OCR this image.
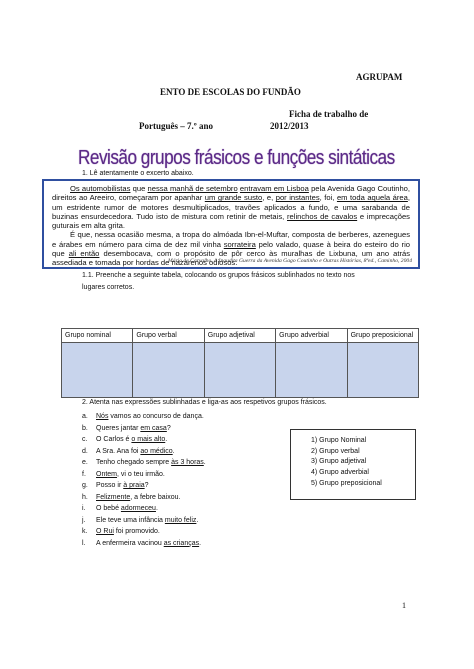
AGRUPAM
ENTO DE ESCOLAS DO FUNDÃO
Ficha de trabalho de
Português – 7.º ano	2012/2013
Revisão grupos frásicos e funções sintáticas
1. Lê atentamente o excerto abaixo.

Os automobilistas que nessa manhã de setembro entravam em Lisboa pela Avenida Gago Coutinho, direitos ao Areeiro, começaram por apanhar um grande susto, e, por instantes, foi, em toda aquela área, um estridente rumor de motores desmultiplicados, travões aplicados a fundo, e uma sarabanda de buzinas ensurdecedora. Tudo isto de mistura com retinir de metais, relinchos de cavalos e imprecações guturais em alta grita.

É que, nessa ocasião mesma, a tropa do almóada Ibn-el-Muftar, composta de berberes, azenegues e árabes em número para cima de dez mil vinha sorrateira pelo valado, quase à beira do esteiro do rio que ali então desembocava, com o propósito de pôr cerco às muralhas de Lixbuna, um ano atrás assediada e tomada por hordas de nazarenos odiosos.

Mário de Carvalho, A Inaudita Guerra da Avenida Gago Coutinho e Outras Histórias, 8ªed., Caminho, 2004
1.1. Preenche a seguinte tabela, colocando os grupos frásicos sublinhados no texto nos
lugares corretos.
Grupo nominal	Grupo verbal	Grupo adjetival	Grupo adverbial	Grupo preposicional

2. Atenta nas expressões sublinhadas e liga-as aos respetivos grupos frásicos.
a. Nós vamos ao concurso de dança.
b. Queres jantar em casa?
c. O Carlos é o mais alto.
d. A Sra. Ana foi ao médico.
e. Tenho chegado sempre às 3 horas.
f. Ontem, vi o teu irmão.
g. Posso ir à praia?
h. Felizmente, a febre baixou.
i. O bebé adormeceu.
j. Ele teve uma infância muito feliz.
k. O Rui foi promovido.
l. A enfermeira vacinou as crianças.
1) Grupo Nominal
2) Grupo verbal
3) Grupo adjetival
4) Grupo adverbial
5) Grupo preposicional
1
